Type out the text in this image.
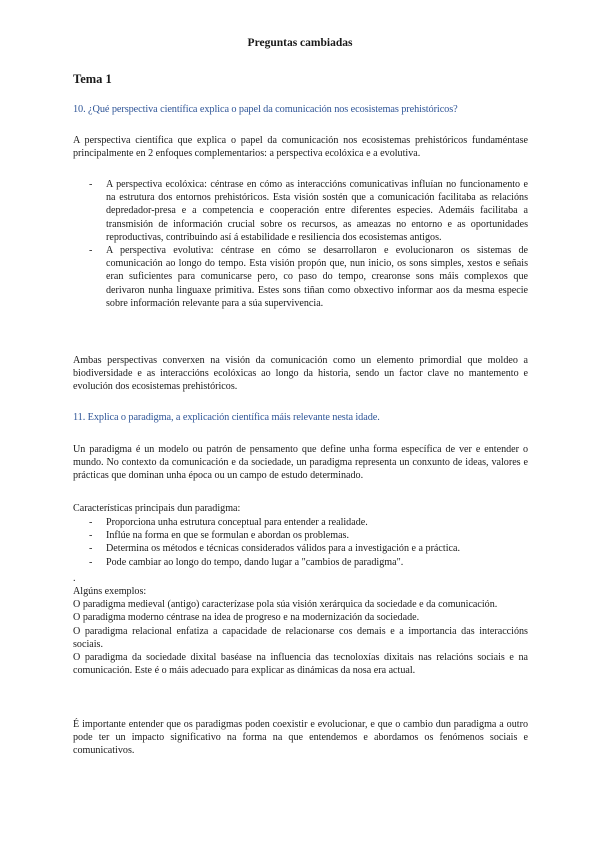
Preguntas cambiadas
Tema 1
10. ¿Qué perspectiva científica explica o papel da comunicación nos ecosistemas prehistóricos?

A perspectiva científica que explica o papel da comunicación nos ecosistemas prehistóricos fundaméntase principalmente en 2 enfoques complementarios: a perspectiva ecolóxica e a evolutiva.

- A perspectiva ecolóxica: céntrase en cómo as interaccións comunicativas influían no funcionamento e na estrutura dos entornos prehistóricos. Esta visión sostén que a comunicación facilitaba as relacións depredador-presa e a competencia e cooperación entre diferentes especies. Ademáis facilitaba a transmisión de información crucial sobre os recursos, as ameazas no entorno e as oportunidades reproductivas, contribuindo así á estabilidade e resiliencia dos ecosistemas antigos.
- A perspectiva evolutiva: céntrase en cómo se desarrollaron e evolucionaron os sistemas de comunicación ao longo do tempo. Esta visión propón que, nun inicio, os sons simples, xestos e señais eran suficientes para comunicarse pero, co paso do tempo, crearonse sons máis complexos que derivaron nunha linguaxe primitiva. Estes sons tiñan como obxectivo informar aos da mesma especie sobre información relevante para a súa supervivencia.

Ambas perspectivas converxen na visión da comunicación como un elemento primordial que moldeo a biodiversidade e as interaccións ecolóxicas ao longo da historia, sendo un factor clave no mantemento e evolución dos ecosistemas prehistóricos.

11. Explica o paradigma, a explicación científica máis relevante nesta idade.

Un paradigma é un modelo ou patrón de pensamento que define unha forma específica de ver e entender o mundo. No contexto da comunicación e da sociedade, un paradigma representa un conxunto de ideas, valores e prácticas que dominan unha época ou un campo de estudo determinado.

Características principais dun paradigma:

- Proporciona unha estrutura conceptual para entender a realidade.
- Inflúe na forma en que se formulan e abordan os problemas.
- Determina os métodos e técnicas considerados válidos para a investigación e a práctica.
- Pode cambiar ao longo do tempo, dando lugar a "cambios de paradigma".

.

Algúns exemplos:

O paradigma medieval (antigo) caracterízase pola súa visión xerárquica da sociedade e da comunicación.

O paradigma moderno céntrase na idea de progreso e na modernización da sociedade.

O paradigma relacional enfatiza a capacidade de relacionarse cos demais e a importancia das interaccións sociais.

O paradigma da sociedade dixital baséase na influencia das tecnoloxías dixitais nas relacións sociais e na comunicación. Este é o máis adecuado para explicar as dinámicas da nosa era actual.

É importante entender que os paradigmas poden coexistir e evolucionar, e que o cambio dun paradigma a outro pode ter un impacto significativo na forma na que entendemos e abordamos os fenómenos sociais e comunicativos.
